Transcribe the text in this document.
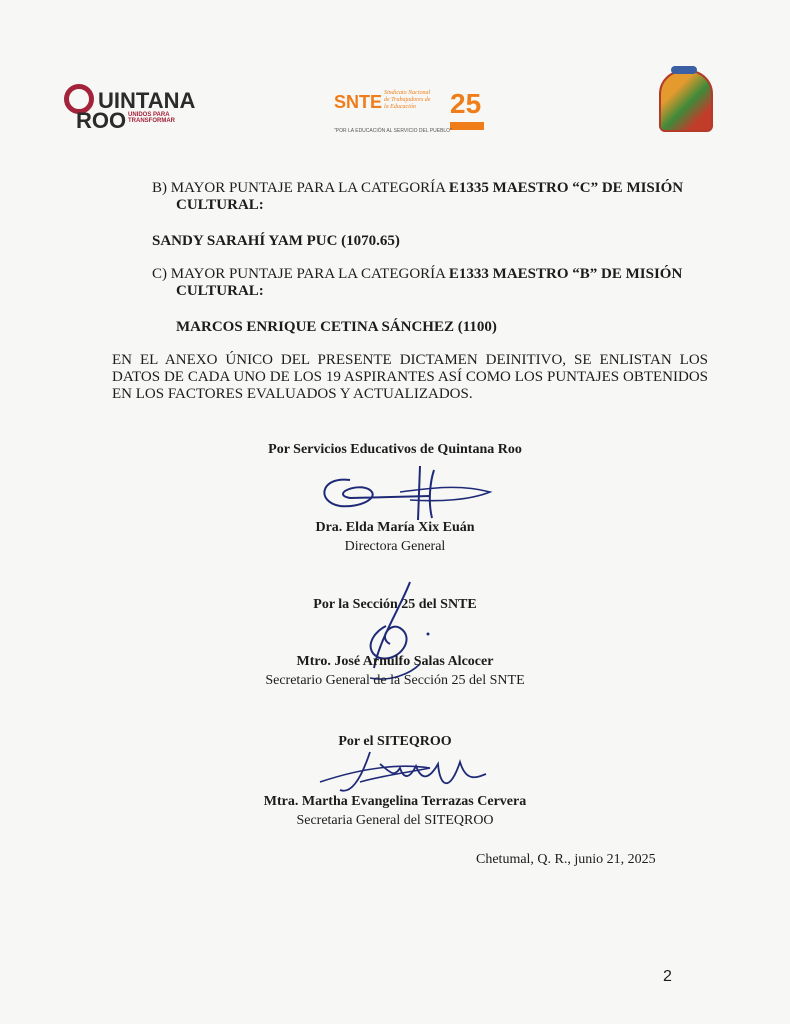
UINTANA
ROO UNIDOS PARA
TRANSFORMAR
SNTE Sindicato Nacional de Trabajadores de la Educación	25
"POR LA EDUCACIÓN AL SERVICIO DEL PUEBLO"
B) MAYOR PUNTAJE PARA LA CATEGORÍA E1335 MAESTRO “C” DE MISIÓN
CULTURAL:
SANDY SARAHÍ YAM PUC (1070.65)
C) MAYOR PUNTAJE PARA LA CATEGORÍA E1333 MAESTRO “B” DE MISIÓN
CULTURAL:
MARCOS ENRIQUE CETINA SÁNCHEZ (1100)
EN EL ANEXO ÚNICO DEL PRESENTE DICTAMEN DEINITIVO, SE ENLISTAN LOS DATOS DE CADA UNO DE LOS 19 ASPIRANTES ASÍ COMO LOS PUNTAJES OBTENIDOS EN LOS FACTORES EVALUADOS Y ACTUALIZADOS.
Por Servicios Educativos de Quintana Roo
Dra. Elda María Xix Euán
Directora General
Por la Sección 25 del SNTE
Mtro. José Arnulfo Salas Alcocer
Secretario General de la Sección 25 del SNTE
Por el SITEQROO
Mtra. Martha Evangelina Terrazas Cervera
Secretaria General del SITEQROO
Chetumal, Q. R., junio 21, 2025
2
